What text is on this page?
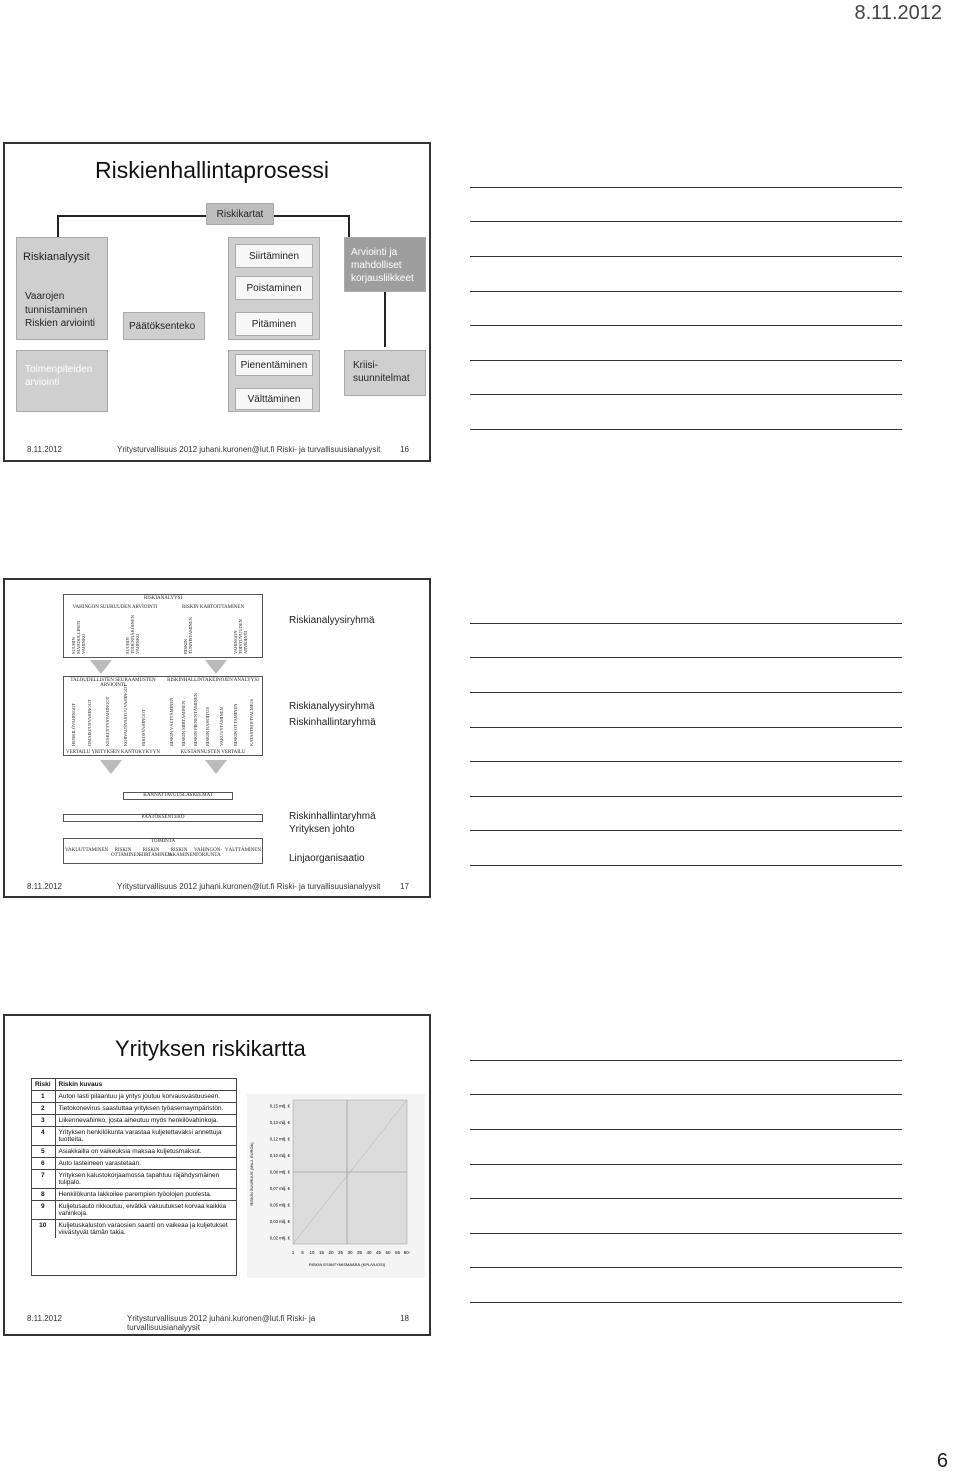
8.11.2012
Riskienhallintaprosessi
Riskikartat
Riskianalyysit
Vaarojen
tunnistaminen
Riskien arviointi	Päätöksenteko
Siirtäminen
Poistaminen
Pitäminen
Arviointi ja
mahdolliset
korjausliikkeet
Toimenpiteiden
arviointi
Pienentäminen
Välttäminen
Kriisi-
suunnitelmat
8.11.2012	Yritysturvallisuus 2012 juhani.kuronen@lut.fi Riski- ja turvallisuusianalyysit	16
RISKIANALYYSI
VAHINGON SUURUUDEN ARVIOINTI	RISKIN KARTOITTAMINEN
SUURIN MAHDOLLINEN VAHINKO	SUURIN TODENNÄKÖINEN VAHINKO	RISKIN TUNNISTAMINEN	VAHINGON TOISTUVUUDEN ARVIOINTI
TALOUDELLISTEN SEURAAMUSTEN ARVIOINTI
RISKINHALLINTAKEINOJEN ANALYYSI
HENKILÖVAHINGOT OMAISUUSVAHINGOT	KESKEYTYSVAHINGOT	KORVAUSVASTUUVAHINGOT	RIKOSVAHINGOT	RISKIN VÄLTTÄMINEN RISKIN SIIRTÄMINEN RISKIN PIENENTÄMINEN RISKIN RAHOITUS VAKUUTTAMINEN RISKIN OTTAMINEN KATASTROFIVALMIUS
VERTAILU YRITYKSEN KANTOKYKYYN	KUSTANNUSTEN VERTAILU
KANNATTAVUUSLASKELMAT
PÄÄTÖKSENTEKO
TOIMINTA
VAKUUTTAMINEN	RISKIN OTTAMINEN
RISKIN SIIRTÄMINEN
RISKIN JAKAMINEN
VAHINGON-TORJUNTA
VÄLTTÄMINEN
Riskianalyysiryhmä
Riskianalyysiryhmä
Riskinhallintaryhmä
Riskinhallintaryhmä
Yrityksen johto
Linjaorganisaatio
8.11.2012	Yritysturvallisuus 2012 juhani.kuronen@lut.fi Riski- ja turvallisuusianalyysit	17
Yrityksen riskikartta
Riski	Riskin kuvaus
1	Auton lasti pilaantuu ja yritys joutuu korvausvastuuseen.
2	Tietokonevirus saastuttaa yrityksen työasemaympäristön.
3	Liikennevahinko, josta aiheutuu myös henkilövahinkoja.
4	Yrityksen henkilökunta varastaa kuljetettavaksi annettuja tuotteita.
5	Asiakkailla on vaikeuksia maksaa kuljetusmaksut.
6	Auto lasteineen varastetaan.
7	Yrityksen kalustokorjaamossa tapahtuu räjähdysmäinen tulipalo.
8	Henkilökunta lakkoilee parempien työolojen puolesta.
9	Kuljetusauto rikkoutuu, eivätkä vakuutukset korvaa kaikkia vahinkoja.
10	Kuljetuskaluston varaosien saanti on vaikeaa ja kuljetukset viivästyvät tämän takia.
0,15 milj. €
0,13 milj. €
0,12 milj. €
0,10 milj. €
0,08 milj. €
0,07 milj. €
0,05 milj. €
0,03 milj. €
0,02 milj. €
1 5 10 15 20 25 30 35 40 45 50 55 60-
RISKIN SUURUUS (MILJ. EUROA)
RISKIN ESIINTYMISMÄÄRÄ (KPL/VUOSI)
8.11.2012	Yritysturvallisuus 2012 juhani.kuronen@lut.fi Riski- ja turvallisuusianalyysit
18
6
